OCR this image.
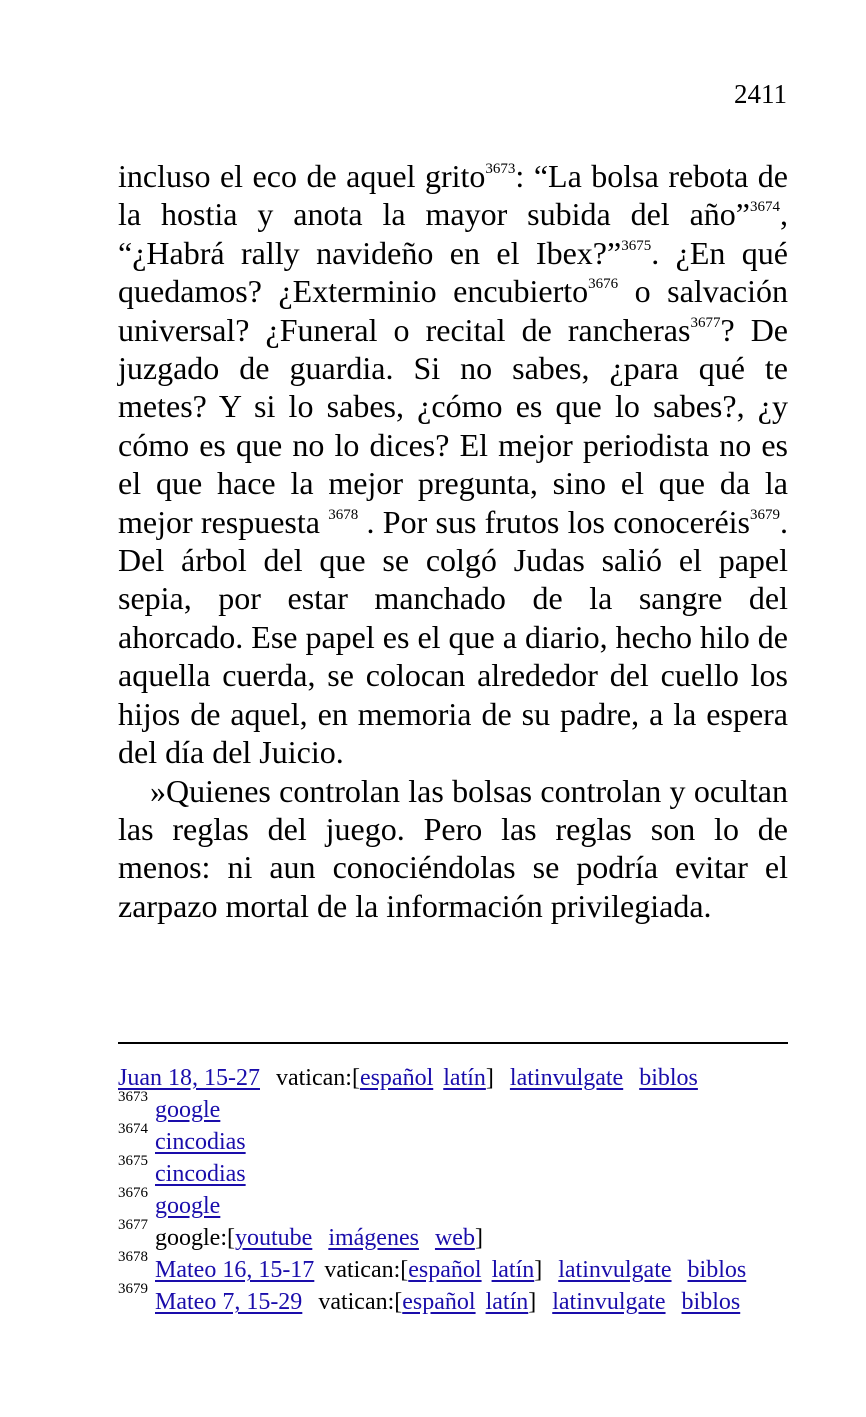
2411

incluso el eco de aquel grito$^{3673}$: “La bolsa rebota de la hostia y anota la mayor subida del año”$^{3674}$, “¿Habrá rally navideño en el Ibex?”$^{3675}$. ¿En qué quedamos? ¿Exterminio encubierto$^{3676}$ o salvación universal? ¿Funeral o recital de rancheras$^{3677}$? De juzgado de guardia. Si no sabes, ¿para qué te metes? Y si lo sabes, ¿cómo es que lo sabes?, ¿y cómo es que no lo dices? El mejor periodista no es el que hace la mejor pregunta, sino el que da la mejor respuesta $^{3678}$ . Por sus frutos los conoceréis$^{3679}$. Del árbol del que se colgó Judas salió el papel sepia, por estar manchado de la sangre del ahorcado. Ese papel es el que a diario, hecho hilo de aquella cuerda, se colocan alrededor del cuello los hijos de aquel, en memoria de su padre, a la espera del día del Juicio.

»Quienes controlan las bolsas controlan y ocultan las reglas del juego. Pero las reglas son lo de menos: ni aun conociéndolas se podría evitar el zarpazo mortal de la información privilegiada.

Juan 18, 15-27 vatican:[español latín] latinvulgate biblos
3673 google
3674 cincodias
3675 cincodias
3676 google
3677 google:[youtube imágenes web]
3678 Mateo 16, 15-17 vatican:[español latín] latinvulgate biblos
3679 Mateo 7, 15-29 vatican:[español latín] latinvulgate biblos
